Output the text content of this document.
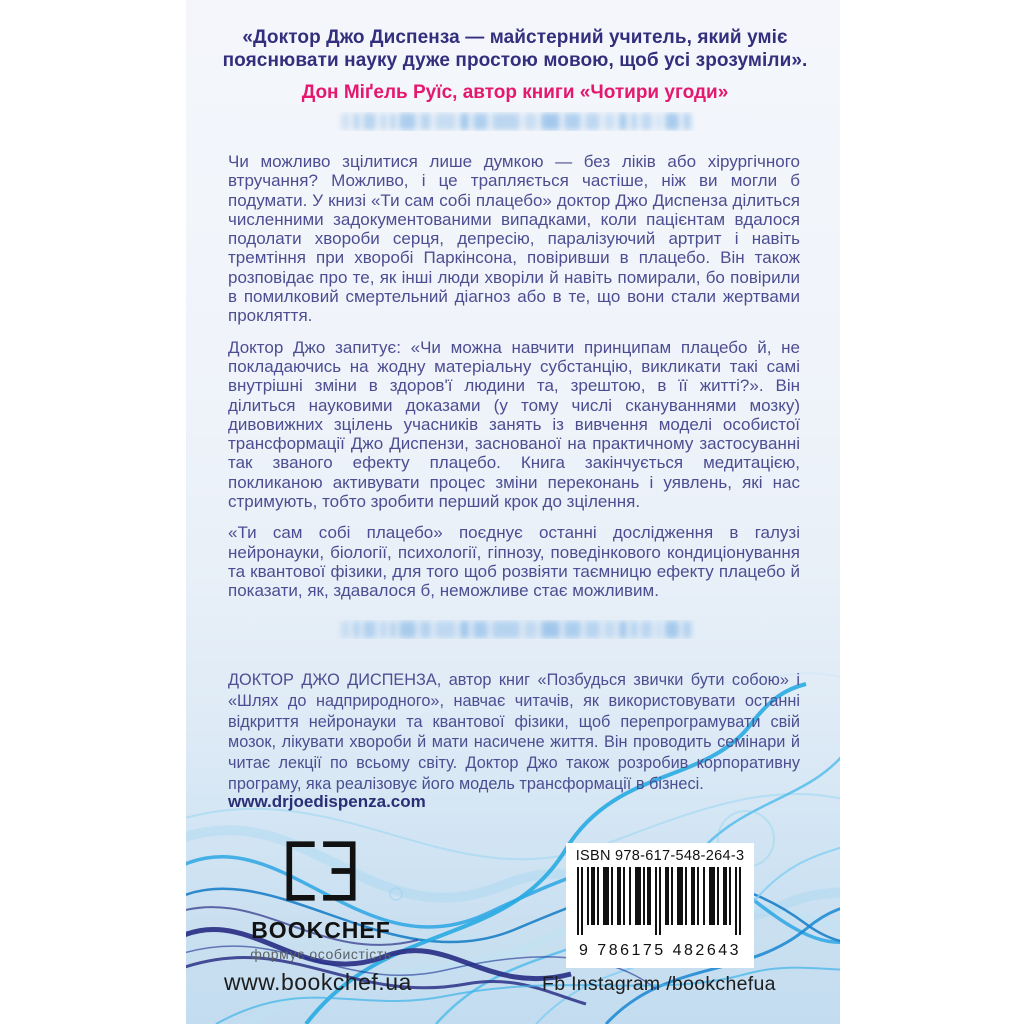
«Доктор Джо Диспенза — майстерний учитель, який уміє пояснювати науку дуже простою мовою, щоб усі зрозуміли».
Дон Міґель Руїс, автор книги «Чотири угоди»

Чи можливо зцілитися лише думкою — без ліків або хірургічного втручання? Можливо, і це трапляється частіше, ніж ви могли б подумати. У книзі «Ти сам собі плацебо» доктор Джо Диспенза ділиться численними задокументованими випадками, коли пацієнтам вдалося подолати хвороби серця, депресію, паралізуючий артрит і навіть тремтіння при хворобі Паркінсона, повіривши в плацебо. Він також розповідає про те, як інші люди хворіли й навіть помирали, бо повірили в помилковий смертельний діагноз або в те, що вони стали жертвами прокляття.

Доктор Джо запитує: «Чи можна навчити принципам плацебо й, не покладаючись на жодну матеріальну субстанцію, викликати такі самі внутрішні зміни в здоров'ї людини та, зрештою, в її житті?». Він ділиться науковими доказами (у тому числі скануваннями мозку) дивовижних зцілень учасників занять із вивчення моделі особистої трансформації Джо Диспензи, заснованої на практичному застосуванні так званого ефекту плацебо. Книга закінчується медитацією, покликаною активувати процес зміни переконань і уявлень, які нас стримують, тобто зробити перший крок до зцілення.

«Ти сам собі плацебо» поєднує останні дослідження в галузі нейронауки, біології, психології, гіпнозу, поведінкового кондиціонування та квантової фізики, для того щоб розвіяти таємницю ефекту плацебо й показати, як, здавалося б, неможливе стає можливим.

ДОКТОР ДЖО ДИСПЕНЗА, автор книг «Позбудься звички бути собою» і «Шлях до надприродного», навчає читачів, як використовувати останні відкриття нейронауки та квантової фізики, щоб перепрограмувати свій мозок, лікувати хвороби й мати насичене життя. Він проводить семінари й читає лекції по всьому світу. Доктор Джо також розробив корпоративну програму, яка реалізовує його модель трансформації в бізнесі.
www.drjoedispenza.com
BOOKCHEF
формує особистість
www.bookchef.ua
ISBN 978-617-548-264-3
9 786175 482643
Fb Instagram /bookchefua
